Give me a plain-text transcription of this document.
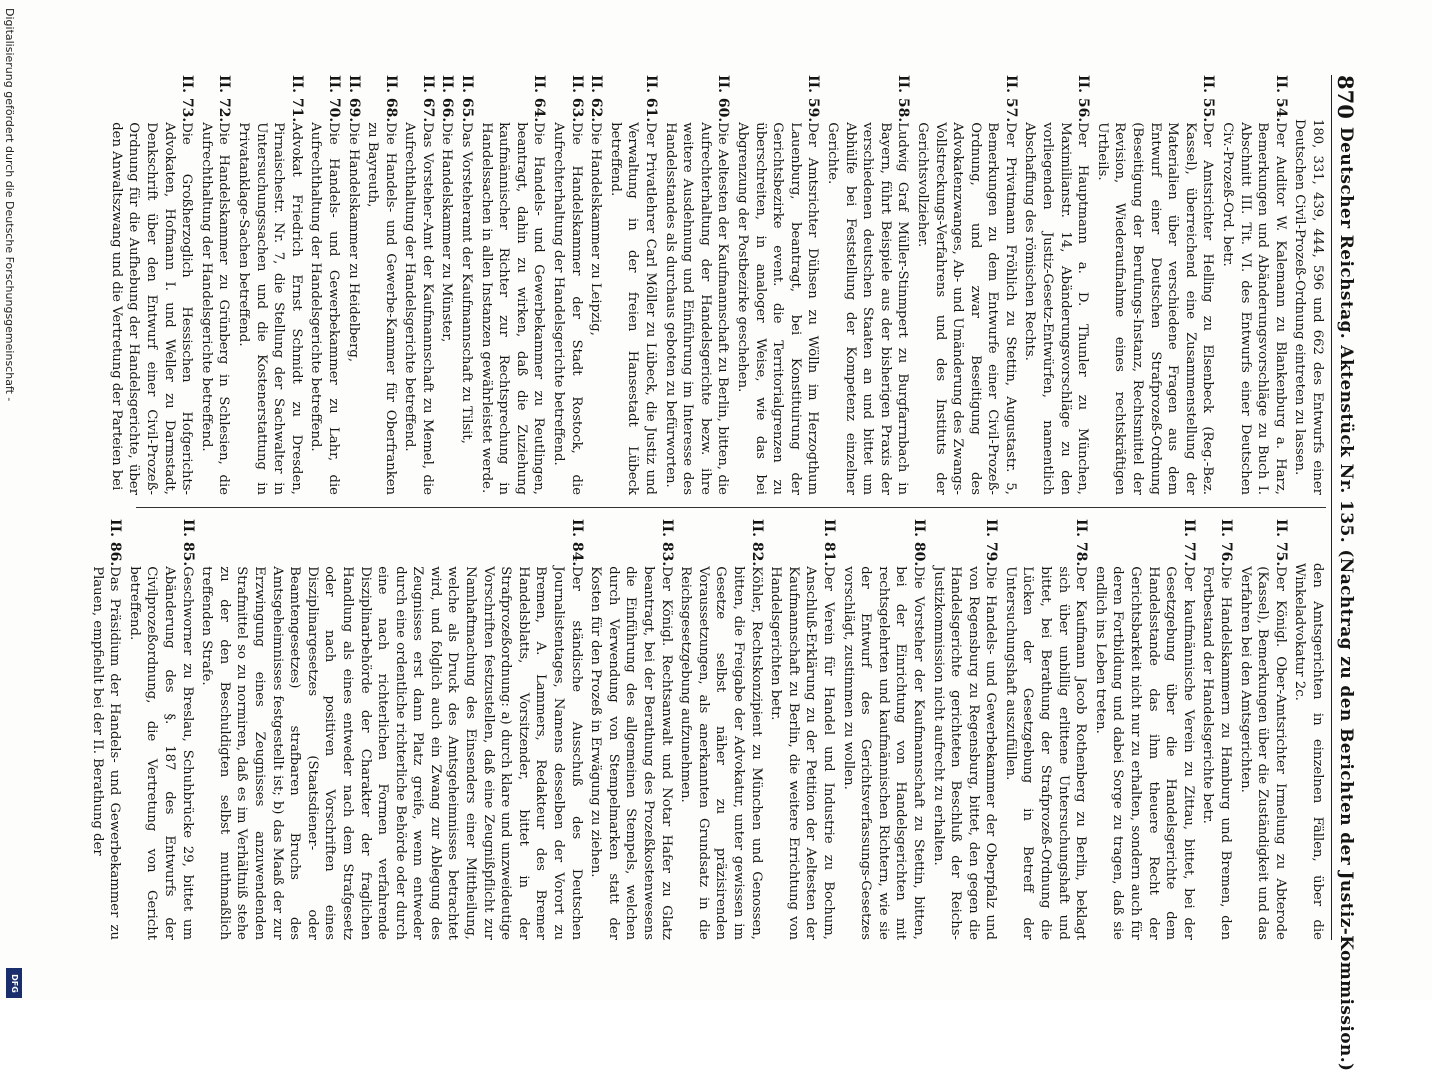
870
Deutscher Reichstag. Aktenstück Nr. 135. (Nachtrag zu den Berichten der Justiz-Kommission.)
180, 331, 439, 444, 596 und 662 des Entwurfs einer Deutschen Civil-Prozeß-Ordnung eintreten zu lassen.
II. 54.
Der Auditor W. Kalemann zu Blankenburg a. Harz, Bemerkungen und Abänderungsvorschläge zu Buch I. Abschnitt III. Tit. VI. des Entwurfs einer Deutschen Civ.-Prozeß-Ord. betr.
II. 55.
Der Amtsrichter Helling zu Elsenbeck (Reg.-Bez. Kassel), überreichend eine Zusammenstellung der Materialien über verschiedene Fragen aus dem Entwurf einer Deutschen Strafprozeß-Ordnung (Beseitigung der Berufungs-Instanz, Rechtsmittel der Revision, Wiederaufnahme eines rechtskräftigen Urtheils.
II. 56.
Der Hauptmann a. D. Thunler zu München, Maximilianstr. 14, Abänderungsvorschläge zu den vorliegenden Justiz-Gesetz-Entwürfen, namentlich Abschaffung des römischen Rechts.
II. 57.
Der Privatmann Fröhlich zu Stettin, Augustastr. 5, Bemerkungen zu dem Entwurfe einer Civil-Prozeß-Ordnung, und zwar Beseitigung des Advokatenzwanges, Ab- und Umänderung des Zwangs-Vollstreckungs-Verfahrens und des Instituts der Gerichtsvollzieher.
II. 58.
Ludwig Graf Müller-Stinmpert zu Burgfarrnbach in Bayern, führt Beispiele aus der bisherigen Praxis der verschiedenen deutschen Staaten an und bittet um Abhülfe bei Feststellung der Kompetenz einzelner Gerichte.
II. 59.
Der Amtsrichter Dühsen zu Wölln im Herzogthum Lauenburg, beantragt, bei Konstituirung der Gerichtsbezirke event. die Territorialgrenzen zu überschreiten, in analoger Weise, wie das bei Abgrenzung der Postbezirke geschehen.
II. 60.
Die Aeltesten der Kaufmannschaft zu Berlin, bitten, die Aufrechterhaltung der Handelsgerichte bezw. ihre weitere Ausdehnung und Einführung im Interesse des Handelsstandes als durchaus geboten zu befürworten.
II. 61.
Der Privatlehrer Carl Möller zu Lübeck, die Justiz und Verwaltung in der freien Hansestadt Lübeck betreffend.
II. 62.
Die Handelskammer zu Leipzig,
II. 63.
Die Handelskammer der Stadt Rostock, die Aufrechterhaltung der Handelsgerichte betreffend.
II. 64.
Die Handels- und Gewerbekammer zu Reutlingen, beantragt, dahin zu wirken, daß die Zuziehung kaufmännischer Richter zur Rechtsprechung in Handelssachen in allen Instanzen gewährleistet werde.
II. 65.
Das Vorsteheramt der Kaufmannschaft zu Tilsit,
II. 66.
Die Handelskammer zu Münster,
II. 67.
Das Vorsteher-Amt der Kaufmannschaft zu Memel, die Aufrechthaltung der Handelsgerichte betreffend.
II. 68.
Die Handels- und Gewerbe-Kammer für Oberfranken zu Bayreuth,
II. 69.
Die Handelskammer zu Heidelberg,
II. 70.
Die Handels- und Gewerbekammer zu Lahr, die Aufrechthaltung der Handelsgerichte betreffend.
II. 71.
Advokat Friedrich Ernst Schmidt zu Dresden, Pirnaischestr. Nr. 7, die Stellung der Sachwalter in Untersuchungssachen und die Kostenerstattung in Privatanklage-Sachen betreffend.
II. 72.
Die Handelskammer zu Grünberg in Schlesien, die Aufrechthaltung der Handelsgerichte betreffend.
II. 73.
Die Großherzoglich Hessischen Hofgerichts-Advokaten, Hofmann I. und Weller zu Darmstadt, Denkschrift über den Entwurf einer Civil-Prozeß-Ordnung für die Aufhebung der Handelsgerichte, über den Anwaltszwang und die Vertretung der Parteien bei
den Amtsgerichten in einzelnen Fällen, über die Winkeladvokatur 2c.
II. 75.
Der Königl. Ober-Amtsrichter Irmelung zu Abterode (Kassel), Bemerkungen über die Zuständigkeit und das Verfahren bei den Amtsgerichten.
II. 76.
Die Handelskammern zu Hamburg und Bremen, den Fortbestand der Handelsgerichte betr.
II. 77.
Der kaufmännische Verein zu Zittau, bittet, bei der Gesetzgebung über die Handelsgerichte dem Handelsstande das ihm theuere Recht der Gerichtsbarkeit nicht nur zu erhalten, sondern auch für deren Fortbildung und dabei Sorge zu tragen, daß sie endlich ins Leben treten.
II. 78.
Der Kaufmann Jacob Rothenberg zu Berlin, beklagt sich über unbillig erlittene Untersuchungshaft und bittet, bei Berathung der Strafprozeß-Ordnung die Lücken der Gesetzgebung in Betreff der Untersuchungshaft auszufüllen.
II. 79.
Die Handels- und Gewerbekammer der Oberpfalz und von Regensburg zu Regensburg, bittet, den gegen die Handelsgerichte gerichteten Beschluß der Reichs-Justizkommission nicht aufrecht zu erhalten.
II. 80.
Die Vorsteher der Kaufmannschaft zu Stettin, bitten, bei der Einrichtung von Handelsgerichten mit rechtsgelehrten und kaufmännischen Richtern, wie sie der Entwurf des Gerichtsverfassungs-Gesetzes vorschlägt, zustimmen zu wollen.
II. 81.
Der Verein für Handel und Industrie zu Bochum, Anschluß-Erklärung zu der Petition der Aeltesten der Kaufmannschaft zu Berlin, die weitere Errichtung von Handelsgerichten betr.
II. 82.
Köhler, Rechtskonzipient zu München und Genossen, bitten, die Freigabe der Advokatur, unter gewissen im Gesetze selbst näher zu präzisirenden Voraussetzungen, als anerkannten Grundsatz in die Reichsgesetzgebung aufzunehmen.
II. 83.
Der Königl. Rechtsanwalt und Notar Hafer zu Glatz beantragt, bei der Berathung des Prozeßkostenwesens die Einführung des allgemeinen Stempels, welchen durch Verwendung von Stempelmarken statt der Kosten für den Prozeß in Erwägung zu ziehen.
II. 84.
Der ständische Ausschuß des Deutschen Journalistentages, Namens desselben der Vorort zu Bremen, A. Lammers, Redakteur des Bremer Handelsblatts, Vorsitzender, bittet in der Strafprozeßordnung: a) durch klare und unzweideutige Vorschriften festzustellen, daß eine Zeugnißpflicht zur Namhaftmachung des Einsenders einer Mittheilung, welche als Druck des Amtsgeheimnisses betrachtet wird, und folglich auch ein Zwang zur Ablegung des Zeugnisses erst dann Platz greife, wenn entweder durch eine ordentliche richterliche Behörde oder durch eine nach richterlichen Formen verfahrende Disziplinarbehörde der Charakter der fraglichen Handlung als eines entweder nach dem Strafgesetz oder nach positiven Vorschriften eines Disziplinargesetzes (Staatsdiener- oder Beamtengesetzes) strafbaren Bruchs des Amtsgeheimnisses festgestellt ist; b) das Maaß der zur Erzwingung eines Zeugnisses anzuwendenden Strafmittel so zu normiren, daß es im Verhältniß stehe zu der den Beschuldigten selbst muthmaßlich treffenden Strafe.
II. 85.
Geschworner zu Breslau, Schuhbrücke 29, bittet um Abänderung des §. 187 des Entwurfs der Civilprozeßordnung, die Vertretung von Gericht betreffend.
II. 86.
Das Präsidium der Handels- und Gewerbekammer zu Plauen, empfiehlt bei der II. Berathung der
Digitalisierung gefördert durch die Deutsche Forschungsgemeinschaft -
DFG
